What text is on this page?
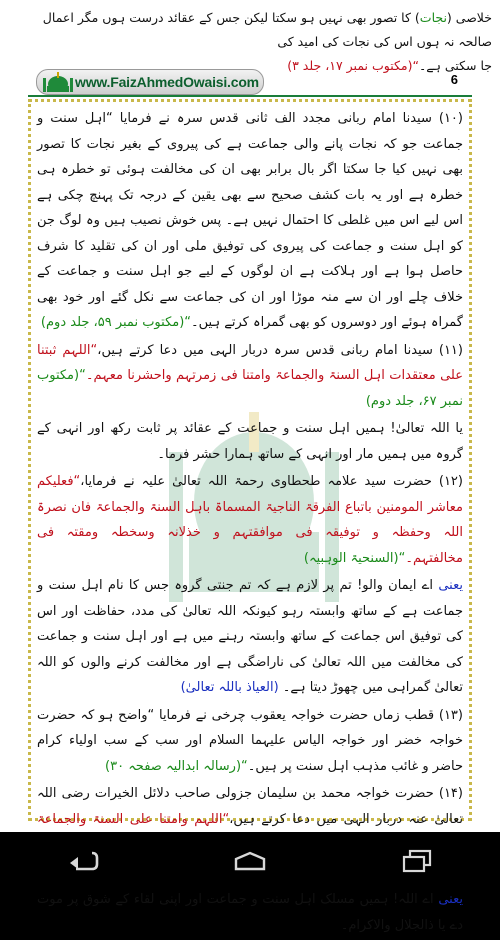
خلاصی (نجات) کا تصور بھی نہیں ہو سکتا لیکن جس کے عقائد درست ہوں مگر اعمال صالحہ نہ ہوں اس کی نجات کی امید کی
جا سکتی ہے۔“(مکتوب نمبر ۱۷، جلد ۳)
www.FaizAhmedOwaisi.com	6

(۱۰) سیدنا امام ربانی مجدد الف ثانی قدس سرہ نے فرمایا “اہل سنت و جماعت جو کہ نجات پانے والی جماعت ہے کی پیروی کے بغیر نجات کا تصور بھی نہیں کیا جا سکتا اگر بال برابر بھی ان کی مخالفت ہوئی تو خطرہ ہی خطرہ ہے اور یہ بات کشف صحیح سے بھی یقین کے درجہ تک پہنچ چکی ہے اس لیے اس میں غلطی کا احتمال نہیں ہے۔ پس خوش نصیب ہیں وہ لوگ جن کو اہل سنت و جماعت کی پیروی کی توفیق ملی اور ان کی تقلید کا شرف حاصل ہوا ہے اور ہلاکت ہے ان لوگوں کے لیے جو اہل سنت و جماعت کے خلاف چلے اور ان سے منہ موڑا اور ان کی جماعت سے نکل گئے اور خود بھی گمراہ ہوئے اور دوسروں کو بھی گمراہ کرتے ہیں۔“(مکتوب نمبر ۵۹، جلد دوم)

(۱۱) سیدنا امام ربانی قدس سرہ دربار الہی میں دعا کرتے ہیں،“اللہم ثبتنا علی معتقدات اہل السنۃ والجماعۃ وامتنا فی زمرتہم واحشرنا معہم۔“(مکتوب نمبر ۶۷، جلد دوم)

یا اللہ تعالیٰ! ہمیں اہل سنت و جماعت کے عقائد پر ثابت رکھ اور انہی کے گروہ میں ہمیں مار اور انہی کے ساتھ ہمارا حشر فرما۔

(۱۲) حضرت سید علامہ طحطاوی رحمۃ اللہ تعالیٰ علیہ نے فرمایا،“فعلیکم معاشر المومنین باتباع الفرقۃ الناجیۃ المسماۃ باہل السنۃ والجماعۃ فان نصرۃ اللہ وحفظہ و توفیقہ فی موافقتہم و خذلانہ وسخطہ ومقتہ فی مخالفتہم۔“(السنحیۃ الوہبیہ)

یعنی اے ایمان والو! تم پر لازم ہے کہ تم جنتی گروہ جس کا نام اہل سنت و جماعت ہے کے ساتھ وابستہ رہو کیونکہ اللہ تعالیٰ کی مدد، حفاظت اور اس کی توفیق اس جماعت کے ساتھ وابستہ رہنے میں ہے اور اہل سنت و جماعت کی مخالفت میں اللہ تعالیٰ کی ناراضگی ہے اور مخالفت کرنے والوں کو اللہ تعالیٰ گمراہی میں چھوڑ دیتا ہے۔ (العیاذ باللہ تعالیٰ)

(۱۳) قطب زماں حضرت خواجہ یعقوب چرخی نے فرمایا “واضح ہو کہ حضرت خواجہ خضر اور خواجہ الیاس علیہما السلام اور سب کے سب اولیاء کرام حاضر و غائب مذہب اہل سنت پر ہیں۔“(رسالہ ابدالیہ صفحہ ۳۰)

(۱۴) حضرت خواجہ محمد بن سلیمان جزولی صاحب دلائل الخیرات رضی اللہ تعالیٰ عنہ دربار الہی میں دعا کرتے ہیں،“اللہم وامتنا علی السنۃ والجماعۃ

یعنی اے اللہ! ہمیں مسلک اہل سنت و جماعت اور اپنی لقاء کے شوق پر موت دے یا ذالجلال والاکرام۔
